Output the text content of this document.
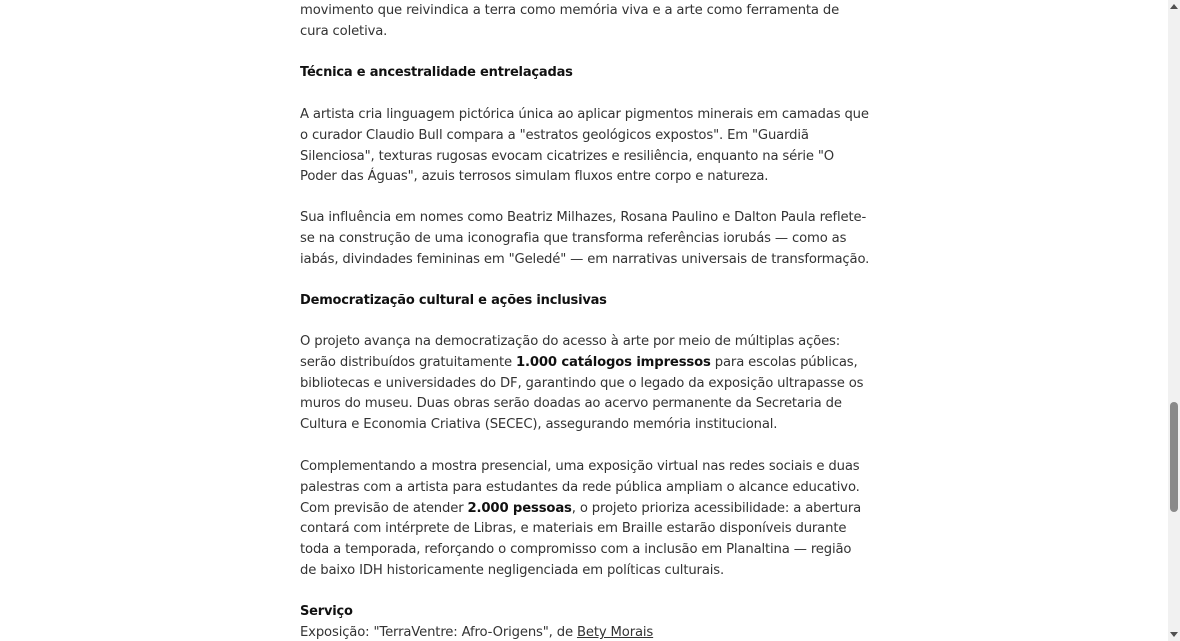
movimento que reivindica a terra como memória viva e a arte como ferramenta de cura coletiva.

Técnica e ancestralidade entrelaçadas

A artista cria linguagem pictórica única ao aplicar pigmentos minerais em camadas que o curador Claudio Bull compara a "estratos geológicos expostos". Em "Guardiã Silenciosa", texturas rugosas evocam cicatrizes e resiliência, enquanto na série "O Poder das Águas", azuis terrosos simulam fluxos entre corpo e natureza.

Sua influência em nomes como Beatriz Milhazes, Rosana Paulino e Dalton Paula reflete-se na construção de uma iconografia que transforma referências iorubás — como as iabás, divindades femininas em "Geledé" — em narrativas universais de transformação.

Democratização cultural e ações inclusivas

O projeto avança na democratização do acesso à arte por meio de múltiplas ações: serão distribuídos gratuitamente 1.000 catálogos impressos para escolas públicas, bibliotecas e universidades do DF, garantindo que o legado da exposição ultrapasse os muros do museu. Duas obras serão doadas ao acervo permanente da Secretaria de Cultura e Economia Criativa (SECEC), assegurando memória institucional.

Complementando a mostra presencial, uma exposição virtual nas redes sociais e duas palestras com a artista para estudantes da rede pública ampliam o alcance educativo. Com previsão de atender 2.000 pessoas, o projeto prioriza acessibilidade: a abertura contará com intérprete de Libras, e materiais em Braille estarão disponíveis durante toda a temporada, reforçando o compromisso com a inclusão em Planaltina — região de baixo IDH historicamente negligenciada em políticas culturais.

Serviço

Exposição: "TerraVentre: Afro-Origens", de Bety Morais
